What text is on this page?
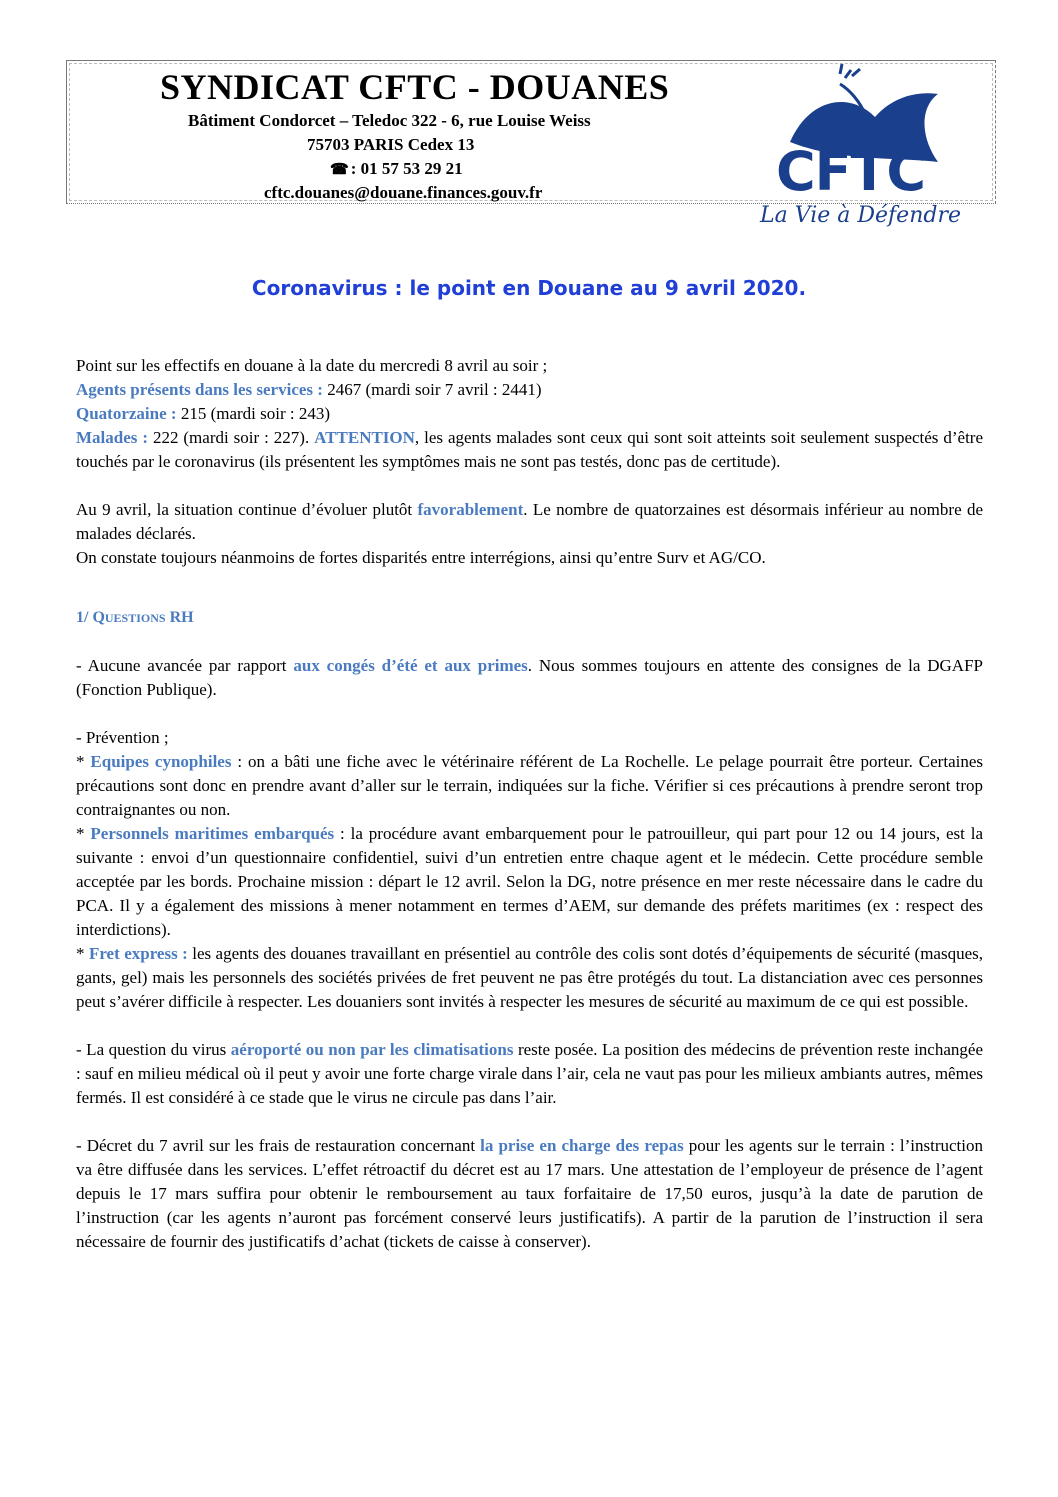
SYNDICAT CFTC - DOUANES
Bâtiment Condorcet – Teledoc 322 - 6, rue Louise Weiss
75703 PARIS Cedex 13
☎ : 01 57 53 29 21
cftc.douanes@douane.finances.gouv.fr	CFTC
La Vie à Défendre
Coronavirus : le point en Douane au 9 avril 2020.

Point sur les effectifs en douane à la date du mercredi 8 avril au soir ;

Agents présents dans les services : 2467 (mardi soir 7 avril : 2441)

Quatorzaine : 215 (mardi soir : 243)

Malades : 222 (mardi soir : 227). ATTENTION, les agents malades sont ceux qui sont soit atteints soit seulement suspectés d’être touchés par le coronavirus (ils présentent les symptômes mais ne sont pas testés, donc pas de certitude).

Au 9 avril, la situation continue d’évoluer plutôt favorablement. Le nombre de quatorzaines est désormais inférieur au nombre de malades déclarés.

On constate toujours néanmoins de fortes disparités entre interrégions, ainsi qu’entre Surv et AG/CO.

1/ QUESTIONS RH

- Aucune avancée par rapport aux congés d’été et aux primes. Nous sommes toujours en attente des consignes de la DGAFP (Fonction Publique).

- Prévention ;

* Equipes cynophiles : on a bâti une fiche avec le vétérinaire référent de La Rochelle. Le pelage pourrait être porteur. Certaines précautions sont donc en prendre avant d’aller sur le terrain, indiquées sur la fiche. Vérifier si ces précautions à prendre seront trop contraignantes ou non.

* Personnels maritimes embarqués : la procédure avant embarquement pour le patrouilleur, qui part pour 12 ou 14 jours, est la suivante : envoi d’un questionnaire confidentiel, suivi d’un entretien entre chaque agent et le médecin. Cette procédure semble acceptée par les bords. Prochaine mission : départ le 12 avril. Selon la DG, notre présence en mer reste nécessaire dans le cadre du PCA. Il y a également des missions à mener notamment en termes d’AEM, sur demande des préfets maritimes (ex : respect des interdictions).

* Fret express : les agents des douanes travaillant en présentiel au contrôle des colis sont dotés d’équipements de sécurité (masques, gants, gel) mais les personnels des sociétés privées de fret peuvent ne pas être protégés du tout. La distanciation avec ces personnes peut s’avérer difficile à respecter. Les douaniers sont invités à respecter les mesures de sécurité au maximum de ce qui est possible.

- La question du virus aéroporté ou non par les climatisations reste posée. La position des médecins de prévention reste inchangée : sauf en milieu médical où il peut y avoir une forte charge virale dans l’air, cela ne vaut pas pour les milieux ambiants autres, mêmes fermés. Il est considéré à ce stade que le virus ne circule pas dans l’air.

- Décret du 7 avril sur les frais de restauration concernant la prise en charge des repas pour les agents sur le terrain : l’instruction va être diffusée dans les services. L’effet rétroactif du décret est au 17 mars. Une attestation de l’employeur de présence de l’agent depuis le 17 mars suffira pour obtenir le remboursement au taux forfaitaire de 17,50 euros, jusqu’à la date de parution de l’instruction (car les agents n’auront pas forcément conservé leurs justificatifs). A partir de la parution de l’instruction il sera nécessaire de fournir des justificatifs d’achat (tickets de caisse à conserver).
